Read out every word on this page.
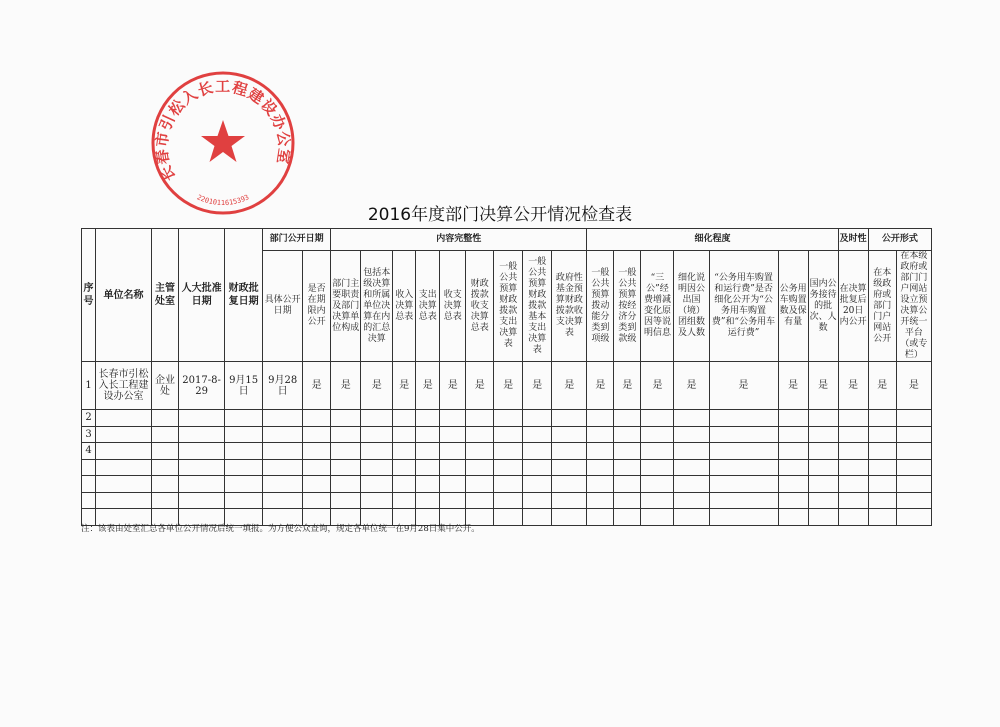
长春市引松入长工程建设办公室
2201011615393
2016年度部门决算公开情况检查表
序号	单位名称	主管处室	人大批准日期	财政批复日期	部门公开日期		内容完整性									细化程度							及时性	公开形式	
					具体公开日期	是否在期限内公开	部门主要职责及部门决算单位构成	包括本级决算和所属单位决算在内的汇总决算	收入决算总表	支出决算总表	收支决算总表	财政拨款收支决算总表	一般公共预算财政拨款支出决算表	一般公共预算财政拨款基本支出决算表	政府性基金预算财政拨款收支决算表	一般公共预算拨动能分类到项级	一般公共预算按经济分类到款级	“三公”经费增减变化原因等说明信息	细化说明因公出国（境）团组数及人数	“公务用车购置和运行费”是否细化公开为“公务用车购置费”和“公务用车运行费”	公务用车购置数及保有量	国内公务接待的批次、人数	在决算批复后20日内公开	在本级政府或部门门户网站公开	在本级政府或部门门户网站设立预决算公开统一平台（或专栏）
1	长春市引松入长工程建设办公室	企业处	2017-8-29	9月15日	9月28日	是	是	是	是	是	是	是	是	是	是	是	是	是	是	是	是	是	是	是	是
2																									
3																									
4																									

注：该表由处室汇总各单位公开情况后统一填报。为方便公众查询，规定各单位统一在9月28日集中公开。
